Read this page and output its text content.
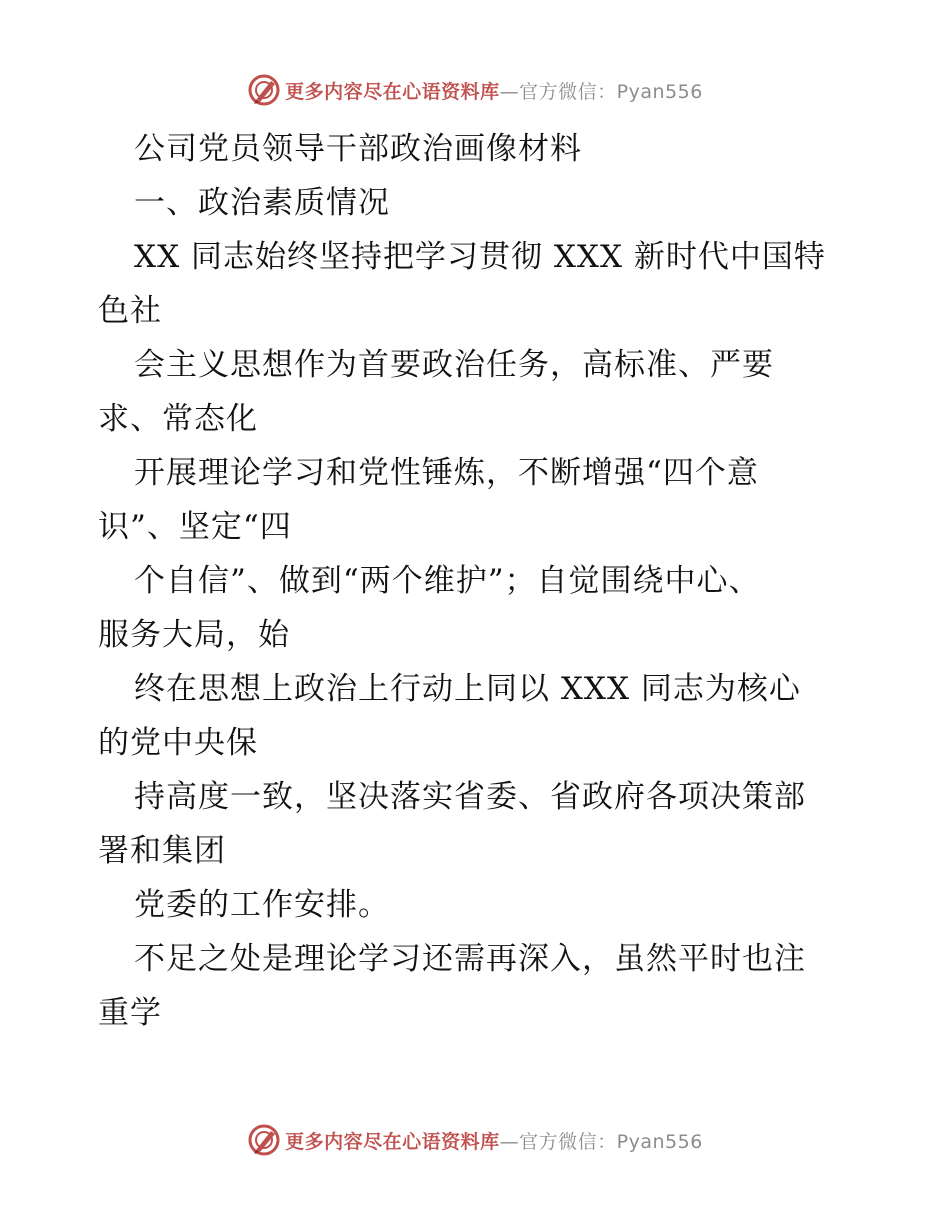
更多内容尽在心语资料库 —官方微信：Pyan556
公司党员领导干部政治画像材料
一、政治素质情况
XX 同志始终坚持把学习贯彻 XXX 新时代中国特
色社
会主义思想作为首要政治任务，高标准、严要
求、常态化
开展理论学习和党性锤炼，不断增强“四个意
识”、坚定“四
个自信”、做到“两个维护”；自觉围绕中心、
服务大局，始
终在思想上政治上行动上同以 XXX 同志为核心
的党中央保
持高度一致，坚决落实省委、省政府各项决策部
署和集团
党委的工作安排。
不足之处是理论学习还需再深入，虽然平时也注
重学
更多内容尽在心语资料库 —官方微信：Pyan556
